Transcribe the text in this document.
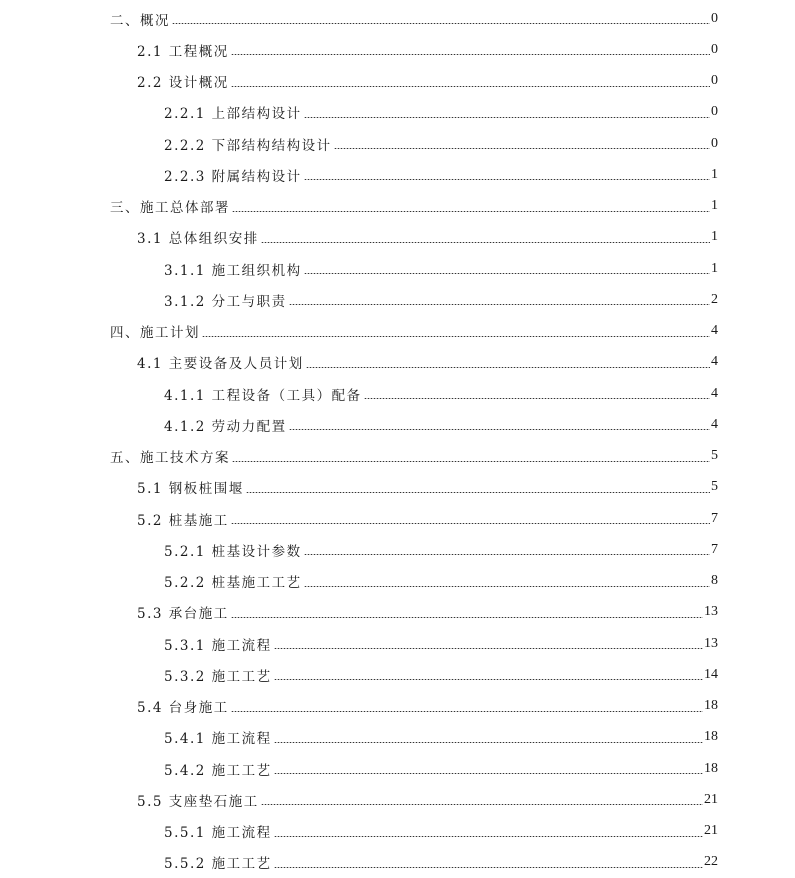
二、概况	0
2.1 工程概况	0
2.2 设计概况	0
2.2.1 上部结构设计	0
2.2.2 下部结构结构设计	0
2.2.3 附属结构设计	1
三、施工总体部署	1
3.1 总体组织安排	1
3.1.1 施工组织机构	1
3.1.2 分工与职责	2
四、施工计划	4
4.1 主要设备及人员计划	4
4.1.1 工程设备（工具）配备	4
4.1.2 劳动力配置	4
五、施工技术方案	5
5.1 钢板桩围堰	5
5.2 桩基施工	7
5.2.1 桩基设计参数	7
5.2.2 桩基施工工艺	8
5.3 承台施工	13
5.3.1 施工流程	13
5.3.2 施工工艺	14
5.4 台身施工	18
5.4.1 施工流程	18
5.4.2 施工工艺	18
5.5 支座垫石施工	21
5.5.1 施工流程	21
5.5.2 施工工艺	22
